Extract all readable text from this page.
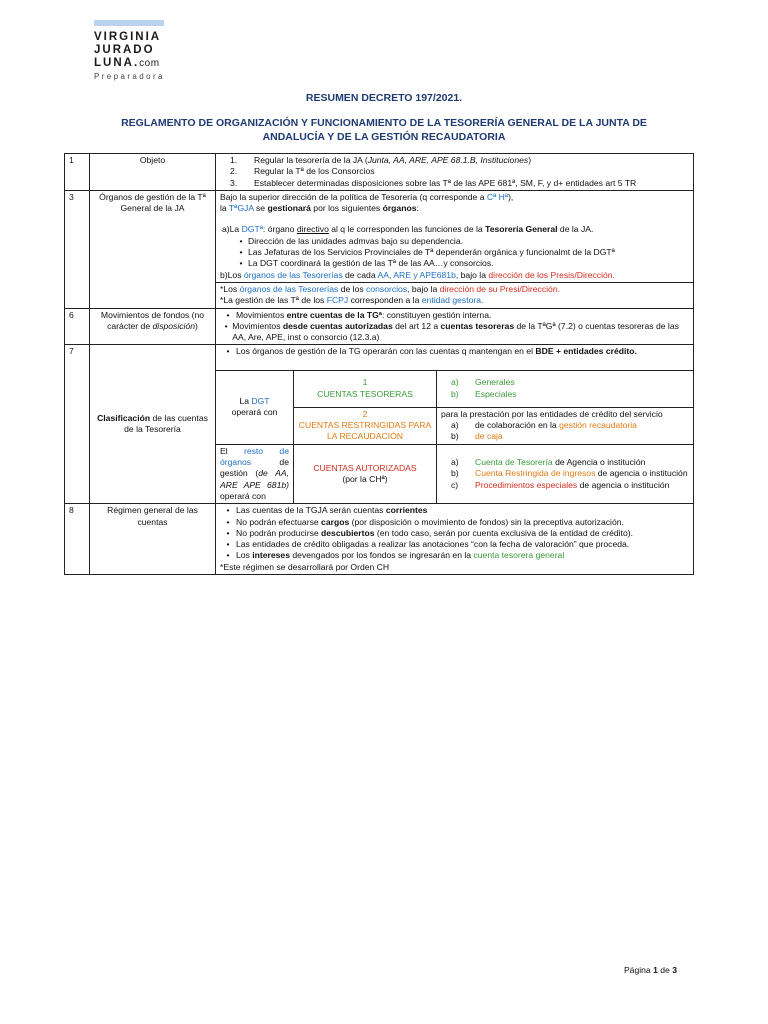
VIRGINIA
JURADO
LUNA.com
Preparadora
RESUMEN DECRETO 197/2021.
REGLAMENTO DE ORGANIZACIÓN Y FUNCIONAMIENTO DE LA TESORERÍA GENERAL DE LA JUNTA DE ANDALUCÍA Y DE LA GESTIÓN RECAUDATORIA
1	Objeto	1.	Regular la tesorería de la JA (Junta, AA, ARE, APE 68.1.B, Instituciones)
2.	Regular la Tª de los Consorcios
3.	Establecer determinadas disposiciones sobre las Tª de las APE 681ª, SM, F, y d+ entidades art 5 TR

3	Órganos de gestión de la Tª General de la JA	
Bajo la superior dirección de la política de Tesorería (q corresponde a Cª Hª),
la TªGJA se gestionará por los siguientes órganos:
a)La DGTª: órgano directivo al q le corresponden las funciones de la Tesorería General de la JA.
• Dirección de las unidades admvas bajo su dependencia.
• Las Jefaturas de los Servicios Provinciales de Tª dependerán orgánica y funcionalmt de la DGTª
• La DGT coordinará la gestión de las Tª de las AA…y consorcios.
b)Los órganos de las Tesorerías de cada AA, ARE y APE681b, bajo la dirección de los Presis/Dirección.

*Los órganos de las Tesorerías de los consorcios, bajo la dirección de su Presi/Dirección.
*La gestión de las Tª de los FCPJ corresponden a la entidad gestora.

6	Movimientos de fondos (no carácter de disposición)	
• Movimientos entre cuentas de la TGª: constituyen gestión interna.
• Movimientos desde cuentas autorizadas del art 12 a cuentas tesoreras de la TªGª (7.2) o cuentas tesoreras de las AA, Are, APE, inst o consorcio (12.3.a)

7	Clasificación de las cuentas de la Tesorería	
• Los órganos de gestión de la TG operarán con las cuentas q mantengan en el BDE + entidades crédito.
La DGT
operará con	1
CUENTAS TESORERAS	
a)	Generales
b)	Especiales

2
CUENTAS RESTRINGIDAS PARA LA RECAUDACIÓN	
para la prestación por las entidades de crédito del servicio
a)	de colaboración en la gestión recaudatoria
b)	de caja

El resto de órganos de gestión (de AA, ARE APE 681b) operará con	CUENTAS AUTORIZADAS
(por la CHª)	
a)	Cuenta de Tesorería de Agencia o institución
b)	Cuenta Restringida de ingresos de agencia o institución
c)	Procedimientos especiales de agencia o institución

8	Régimen general de las cuentas	
• Las cuentas de la TGJA serán cuentas corrientes
• No podrán efectuarse cargos (por disposición o movimiento de fondos) sin la preceptiva autorización.
• No podrán producirse descubiertos (en todo caso, serán por cuenta exclusiva de la entidad de crédito).
• Las entidades de crédito obligadas a realizar las anotaciones “con la fecha de valoración” que proceda.
• Los intereses devengados por los fondos se ingresarán en la cuenta tesorera general
*Este régimen se desarrollará por Orden CH
Página 1 de 3
